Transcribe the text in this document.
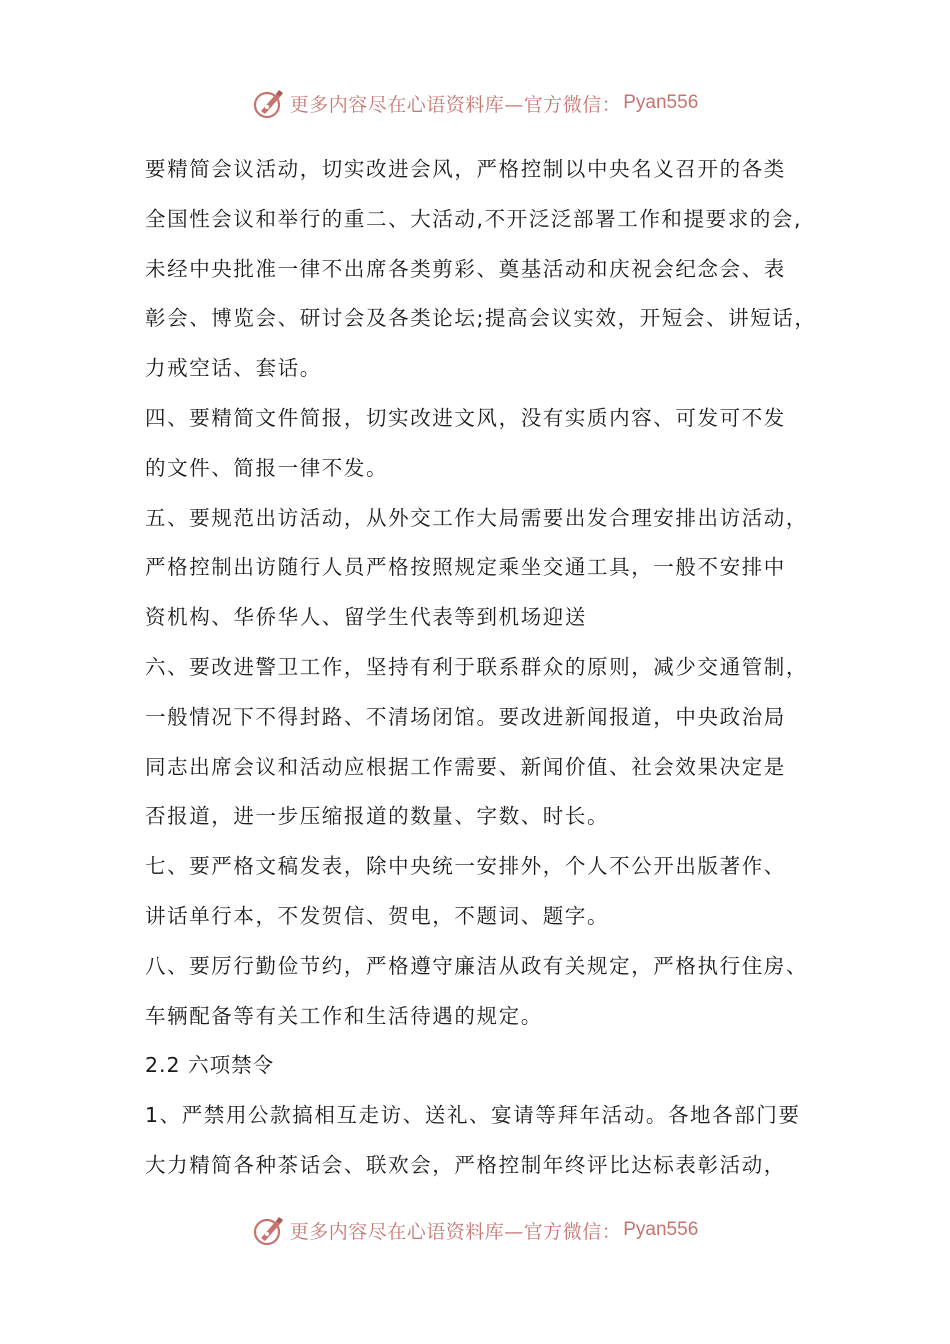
更多内容尽在心语资料库—官方微信： Pyan556
要精简会议活动，切实改进会风，严格控制以中央名义召开的各类
全国性会议和举行的重二、大活动,不开泛泛部署工作和提要求的会,
未经中央批准一律不出席各类剪彩、奠基活动和庆祝会纪念会、表
彰会、博览会、研讨会及各类论坛;提高会议实效，开短会、讲短话，
力戒空话、套话。
四、要精简文件简报，切实改进文风，没有实质内容、可发可不发
的文件、简报一律不发。
五、要规范出访活动，从外交工作大局需要出发合理安排出访活动，
严格控制出访随行人员严格按照规定乘坐交通工具，一般不安排中
资机构、华侨华人、留学生代表等到机场迎送
六、要改进警卫工作，坚持有利于联系群众的原则，减少交通管制，
一般情况下不得封路、不清场闭馆。要改进新闻报道，中央政治局
同志出席会议和活动应根据工作需要、新闻价值、社会效果决定是
否报道，进一步压缩报道的数量、字数、时长。
七、要严格文稿发表，除中央统一安排外，个人不公开出版著作、
讲话单行本，不发贺信、贺电，不题词、题字。
八、要厉行勤俭节约，严格遵守廉洁从政有关规定，严格执行住房、
车辆配备等有关工作和生活待遇的规定。
2.2 六项禁令
1、严禁用公款搞相互走访、送礼、宴请等拜年活动。各地各部门要
大力精简各种茶话会、联欢会，严格控制年终评比达标表彰活动，
更多内容尽在心语资料库—官方微信： Pyan556
